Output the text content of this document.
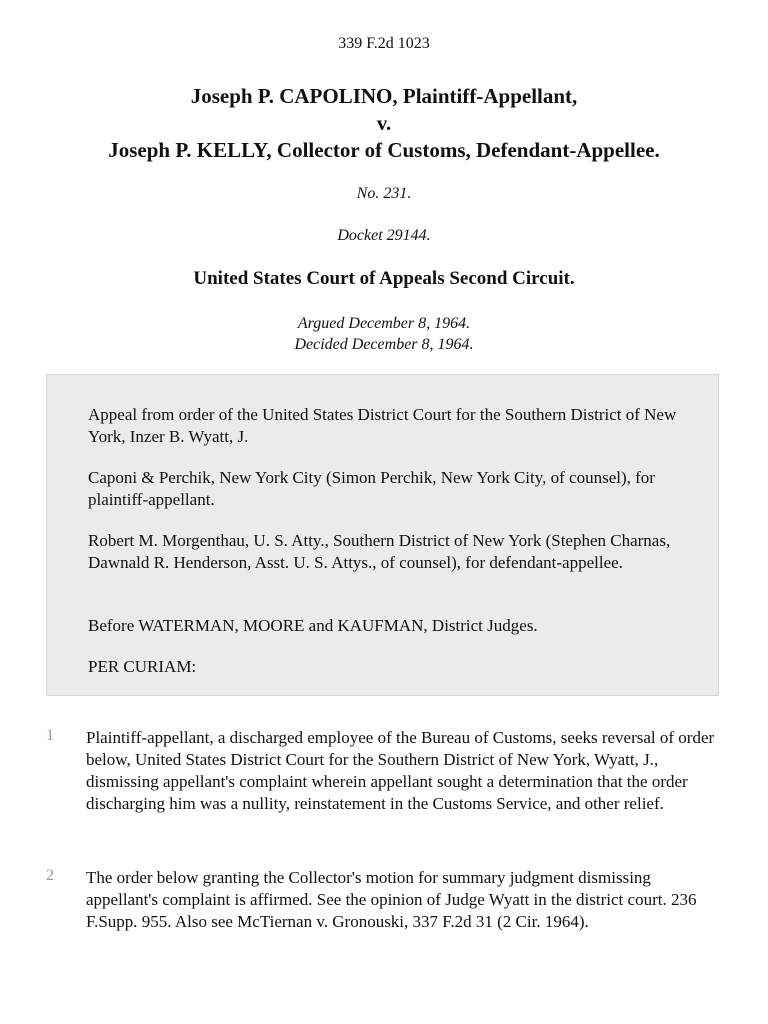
339 F.2d 1023
Joseph P. CAPOLINO, Plaintiff-Appellant,
v.
Joseph P. KELLY, Collector of Customs, Defendant-Appellee.
No. 231.
Docket 29144.
United States Court of Appeals Second Circuit.
Argued December 8, 1964.
Decided December 8, 1964.

Appeal from order of the United States District Court for the Southern District of New York, Inzer B. Wyatt, J.

Caponi & Perchik, New York City (Simon Perchik, New York City, of counsel), for plaintiff-appellant.

Robert M. Morgenthau, U. S. Atty., Southern District of New York (Stephen Charnas, Dawnald R. Henderson, Asst. U. S. Attys., of counsel), for defendant-appellee.

Before WATERMAN, MOORE and KAUFMAN, District Judges.

PER CURIAM:

1 Plaintiff-appellant, a discharged employee of the Bureau of Customs, seeks reversal of order below, United States District Court for the Southern District of New York, Wyatt, J., dismissing appellant's complaint wherein appellant sought a determination that the order discharging him was a nullity, reinstatement in the Customs Service, and other relief.
2 The order below granting the Collector's motion for summary judgment dismissing appellant's complaint is affirmed. See the opinion of Judge Wyatt in the district court. 236 F.Supp. 955. Also see McTiernan v. Gronouski, 337 F.2d 31 (2 Cir. 1964).
